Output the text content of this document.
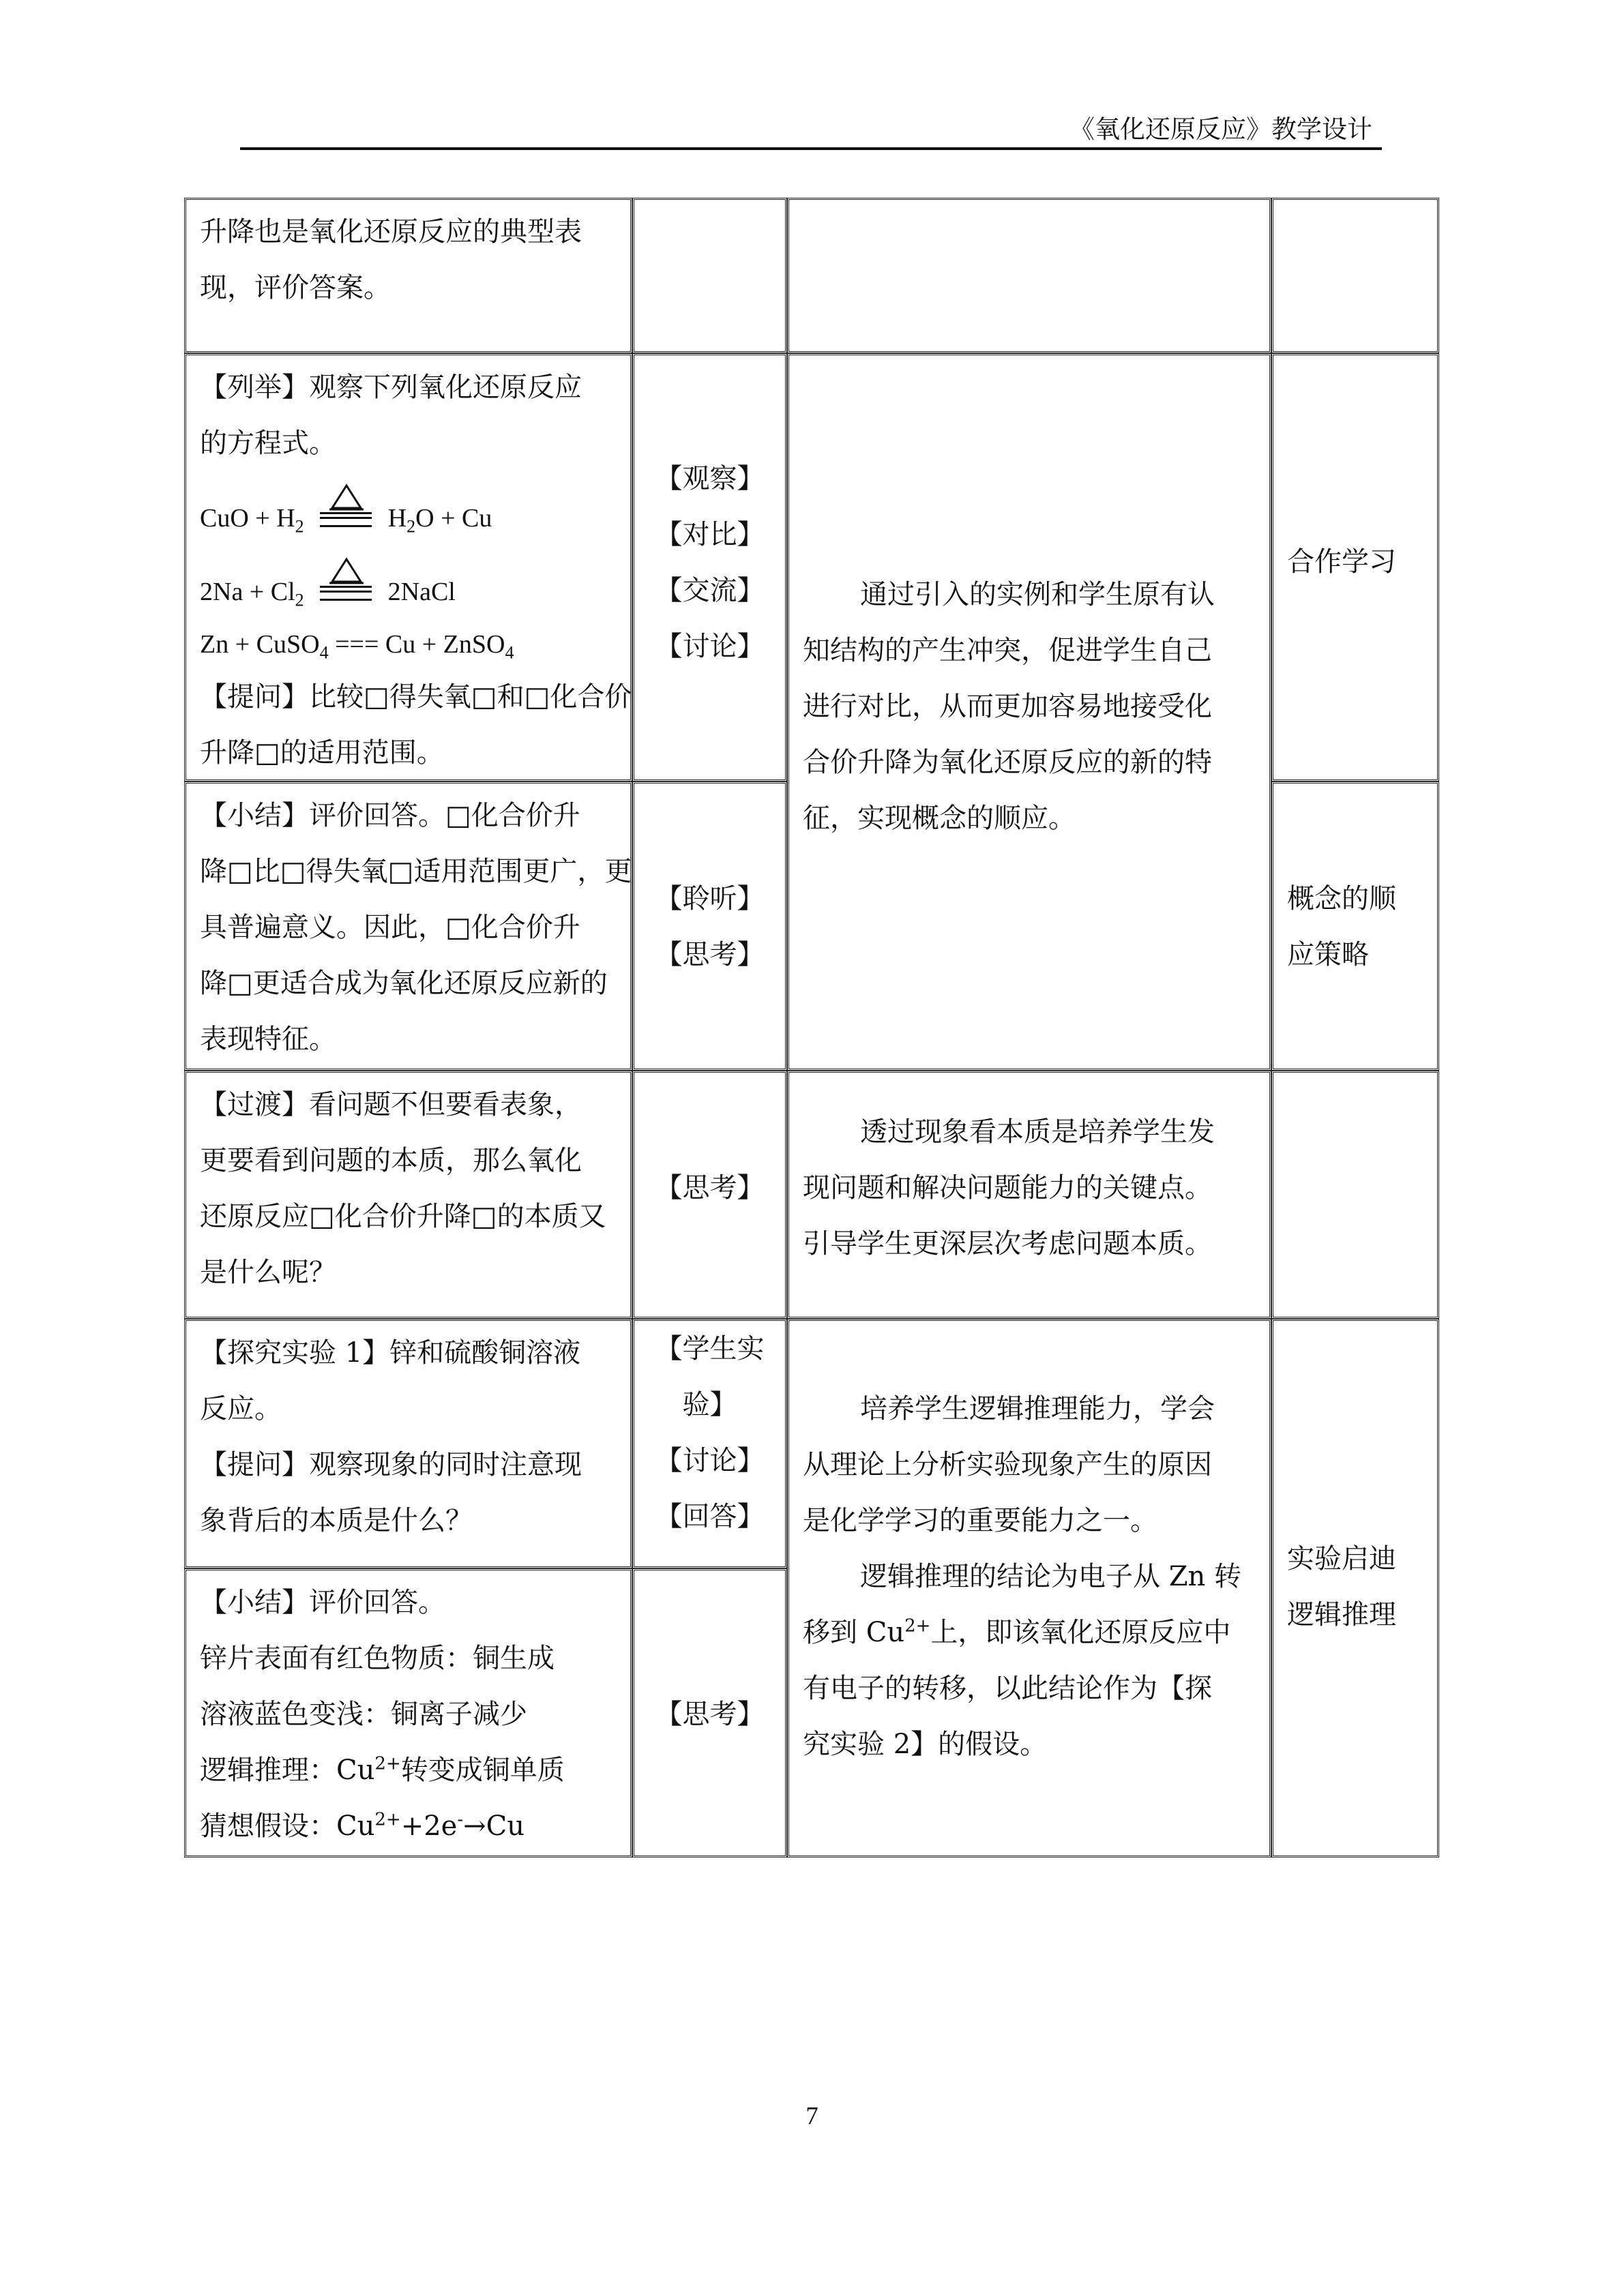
《氧化还原反应》教学设计
升降也是氧化还原反应的典型表
现，评价答案。
【列举】观察下列氧化还原反应
的方程式。
CuO + $H_2$	$H_2O + Cu$
$2Na + Cl_2$	2NaCl
Zn + CuSO$_4$ === Cu + ZnSO$_4$
【提问】比较□得失氧□和□化合价
升降□的适用范围。
【观察】
【对比】
【交流】
【讨论】
通过引入的实例和学生原有认
知结构的产生冲突，促进学生自己
进行对比，从而更加容易地接受化
合价升降为氧化还原反应的新的特
征，实现概念的顺应。
合作学习
【小结】评价回答。□化合价升
降□比□得失氧□适用范围更广，更
具普遍意义。因此，□化合价升
降□更适合成为氧化还原反应新的
表现特征。
【聆听】
【思考】
概念的顺
应策略
【过渡】看问题不但要看表象，
更要看到问题的本质，那么氧化
还原反应□化合价升降□的本质又
是什么呢？
【思考】
透过现象看本质是培养学生发
现问题和解决问题能力的关键点。
引导学生更深层次考虑问题本质。
【探究实验 1】锌和硫酸铜溶液
反应。
【提问】观察现象的同时注意现
象背后的本质是什么？
【学生实
验】
【讨论】
【回答】
培养学生逻辑推理能力，学会
从理论上分析实验现象产生的原因
是化学学习的重要能力之一。
逻辑推理的结论为电子从 Zn 转
移到 $Cu^{2+}$上，即该氧化还原反应中
有电子的转移，以此结论作为【探
究实验 2】的假设。
实验启迪
逻辑推理
【小结】评价回答。
锌片表面有红色物质：铜生成
溶液蓝色变浅：铜离子减少
逻辑推理：$Cu^{2+}$转变成铜单质
猜想假设：$Cu^{2+}+2e^-\to Cu$
【思考】
7
